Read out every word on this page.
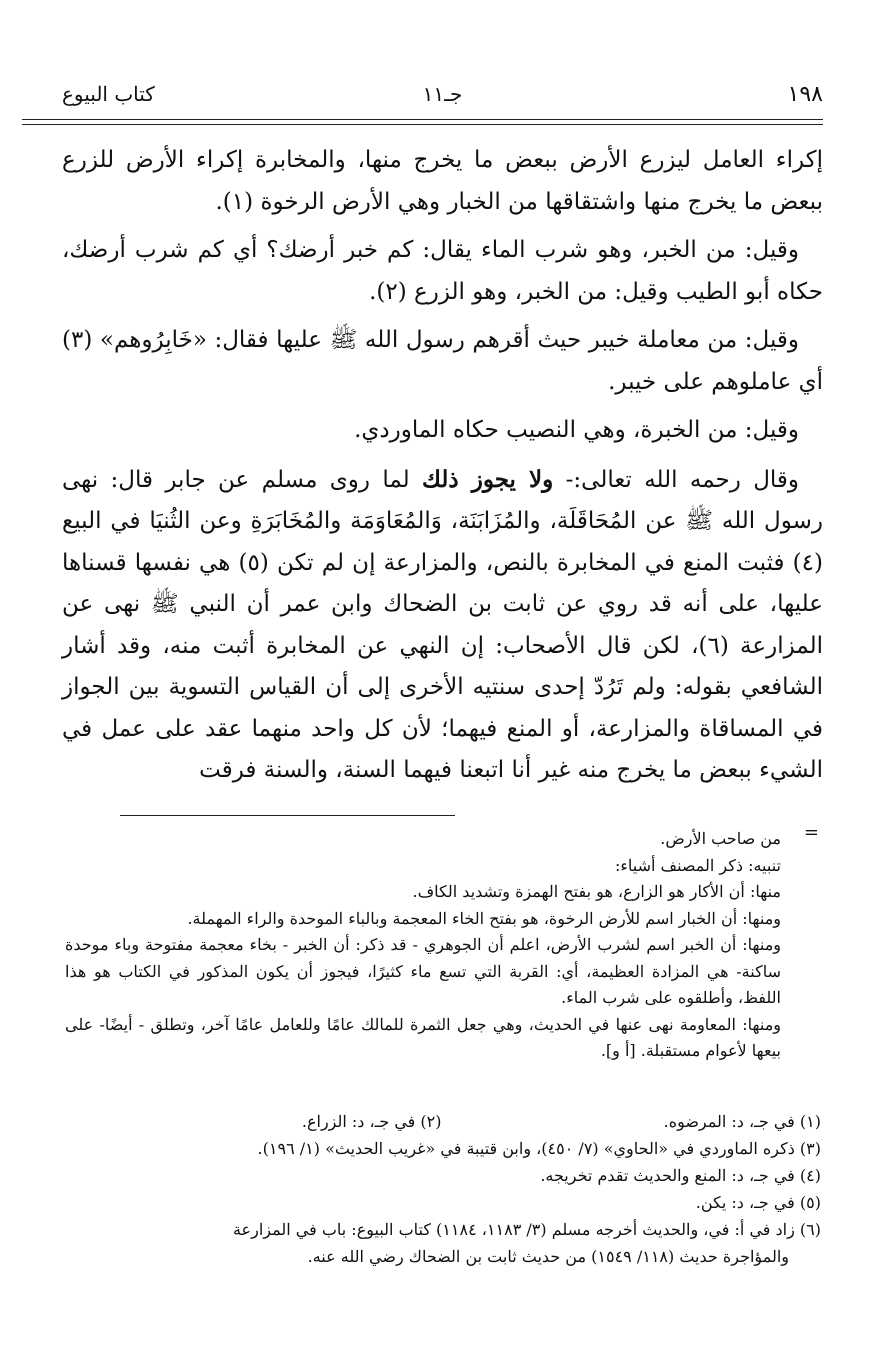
١٩٨
جـ١١
كتاب البيوع

إكراء العامل ليزرع الأرض ببعض ما يخرج منها، والمخابرة إكراء الأرض للزرع ببعض ما يخرج منها واشتقاقها من الخبار وهي الأرض الرخوة (١).

وقيل: من الخبر، وهو شرب الماء يقال: كم خبر أرضك؟ أي كم شرب أرضك، حكاه أبو الطيب وقيل: من الخبر، وهو الزرع (٢).

وقيل: من معاملة خيبر حيث أقرهم رسول الله ﷺ عليها فقال: «خَابِرُوهم» (٣) أي عاملوهم على خيبر.

وقيل: من الخبرة، وهي النصيب حكاه الماوردي.

وقال رحمه الله تعالى:- ولا يجوز ذلك لما روى مسلم عن جابر قال: نهى رسول الله ﷺ عن المُحَاقَلَة، والمُزَابَنَة، وَالمُعَاوَمَة والمُخَابَرَةِ وعن الثُنيَا في البيع (٤) فثبت المنع في المخابرة بالنص، والمزارعة إن لم تكن (٥) هي نفسها قسناها عليها، على أنه قد روي عن ثابت بن الضحاك وابن عمر أن النبي ﷺ نهى عن المزارعة (٦)، لكن قال الأصحاب: إن النهي عن المخابرة أثبت منه، وقد أشار الشافعي بقوله: ولم تَرُدّ إحدى سنتيه الأخرى إلى أن القياس التسوية بين الجواز في المساقاة والمزارعة، أو المنع فيهما؛ لأن كل واحد منهما عقد على عمل في الشيء ببعض ما يخرج منه غير أنا اتبعنا فيهما السنة، والسنة فرقت

=

من صاحب الأرض.

تنبيه: ذكر المصنف أشياء:

منها: أن الأكار هو الزارع، هو بفتح الهمزة وتشديد الكاف.

ومنها: أن الخبار اسم للأرض الرخوة، هو بفتح الخاء المعجمة وبالباء الموحدة والراء المهملة.

ومنها: أن الخبر اسم لشرب الأرض، اعلم أن الجوهري - قد ذكر: أن الخبر - بخاء معجمة مفتوحة وباء موحدة ساكنة- هي المزادة العظيمة، أي: القربة التي تسع ماء كثيرًا، فيجوز أن يكون المذكور في الكتاب هو هذا اللفظ، وأطلقوه على شرب الماء.

ومنها: المعاومة نهى عنها في الحديث، وهي جعل الثمرة للمالك عامًا وللعامل عامًا آخر، وتطلق - أيضًا- على بيعها لأعوام مستقبلة. [أ و].

(١) في جـ، د: المرضوه.
(٢) في جـ، د: الزراع.

(٣) ذكره الماوردي في «الحاوي» (٧/ ٤٥٠)، وابن قتيبة في «غريب الحديث» (١/ ١٩٦).

(٤) في جـ، د: المنع والحديث تقدم تخريجه.

(٥) في جـ، د: يكن.

(٦) زاد في أ: في، والحديث أخرجه مسلم (٣/ ١١٨٣، ١١٨٤) كتاب البيوع: باب في المزارعة

والمؤاجرة حديث (١١٨/ ١٥٤٩) من حديث ثابت بن الضحاك رضي الله عنه.
